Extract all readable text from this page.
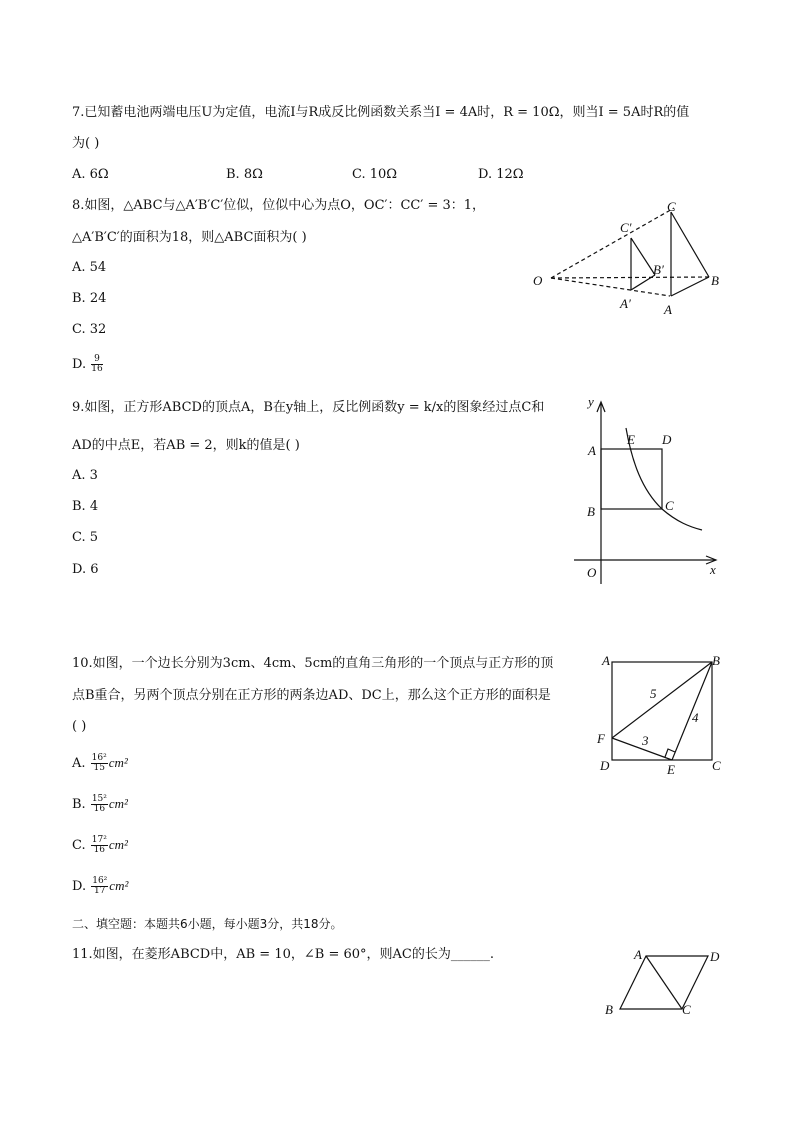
7.已知蓄电池两端电压U为定值，电流I与R成反比例函数关系当I = 4A时，R = 10Ω，则当I = 5A时R的值
为( )
A. 6Ω	B. 8Ω	C. 10Ω	D. 12Ω
8.如图，△ABC与△A′B′C′位似，位似中心为点O，OC′：CC′ = 3：1，
△A′B′C′的面积为18，则△ABC面积为( )
A. 54
B. 24
C. 32
D. $\frac{9}{16}$
O
C′
C
B′
B
A′	A
9.如图，正方形ABCD的顶点A，B在y轴上，反比例函数y = k/x的图象经过点C和
AD的中点E，若AB = 2，则k的值是( )
A. 3
B. 4
C. 5
D. 6
y
x
O
A
B	C
D
E
10.如图，一个边长分别为3cm、4cm、5cm的直角三角形的一个顶点与正方形的顶
点B重合，另两个顶点分别在正方形的两条边AD、DC上，那么这个正方形的面积是
( )
A. $\frac{\text{16²}}{15} cm^2$
B. $\frac{\text{15²}}{16} cm^2$
C. $\frac{\text{17²}}{16} cm^2$
D. $\frac{\text{16²}}{17} cm^2$
A	B
C
D	E
F
5
4
3
二、填空题：本题共6小题，每小题3分，共18分。
11.如图，在菱形ABCD中，AB = 10，∠B = 60°，则AC的长为______.	A	D
B	C
